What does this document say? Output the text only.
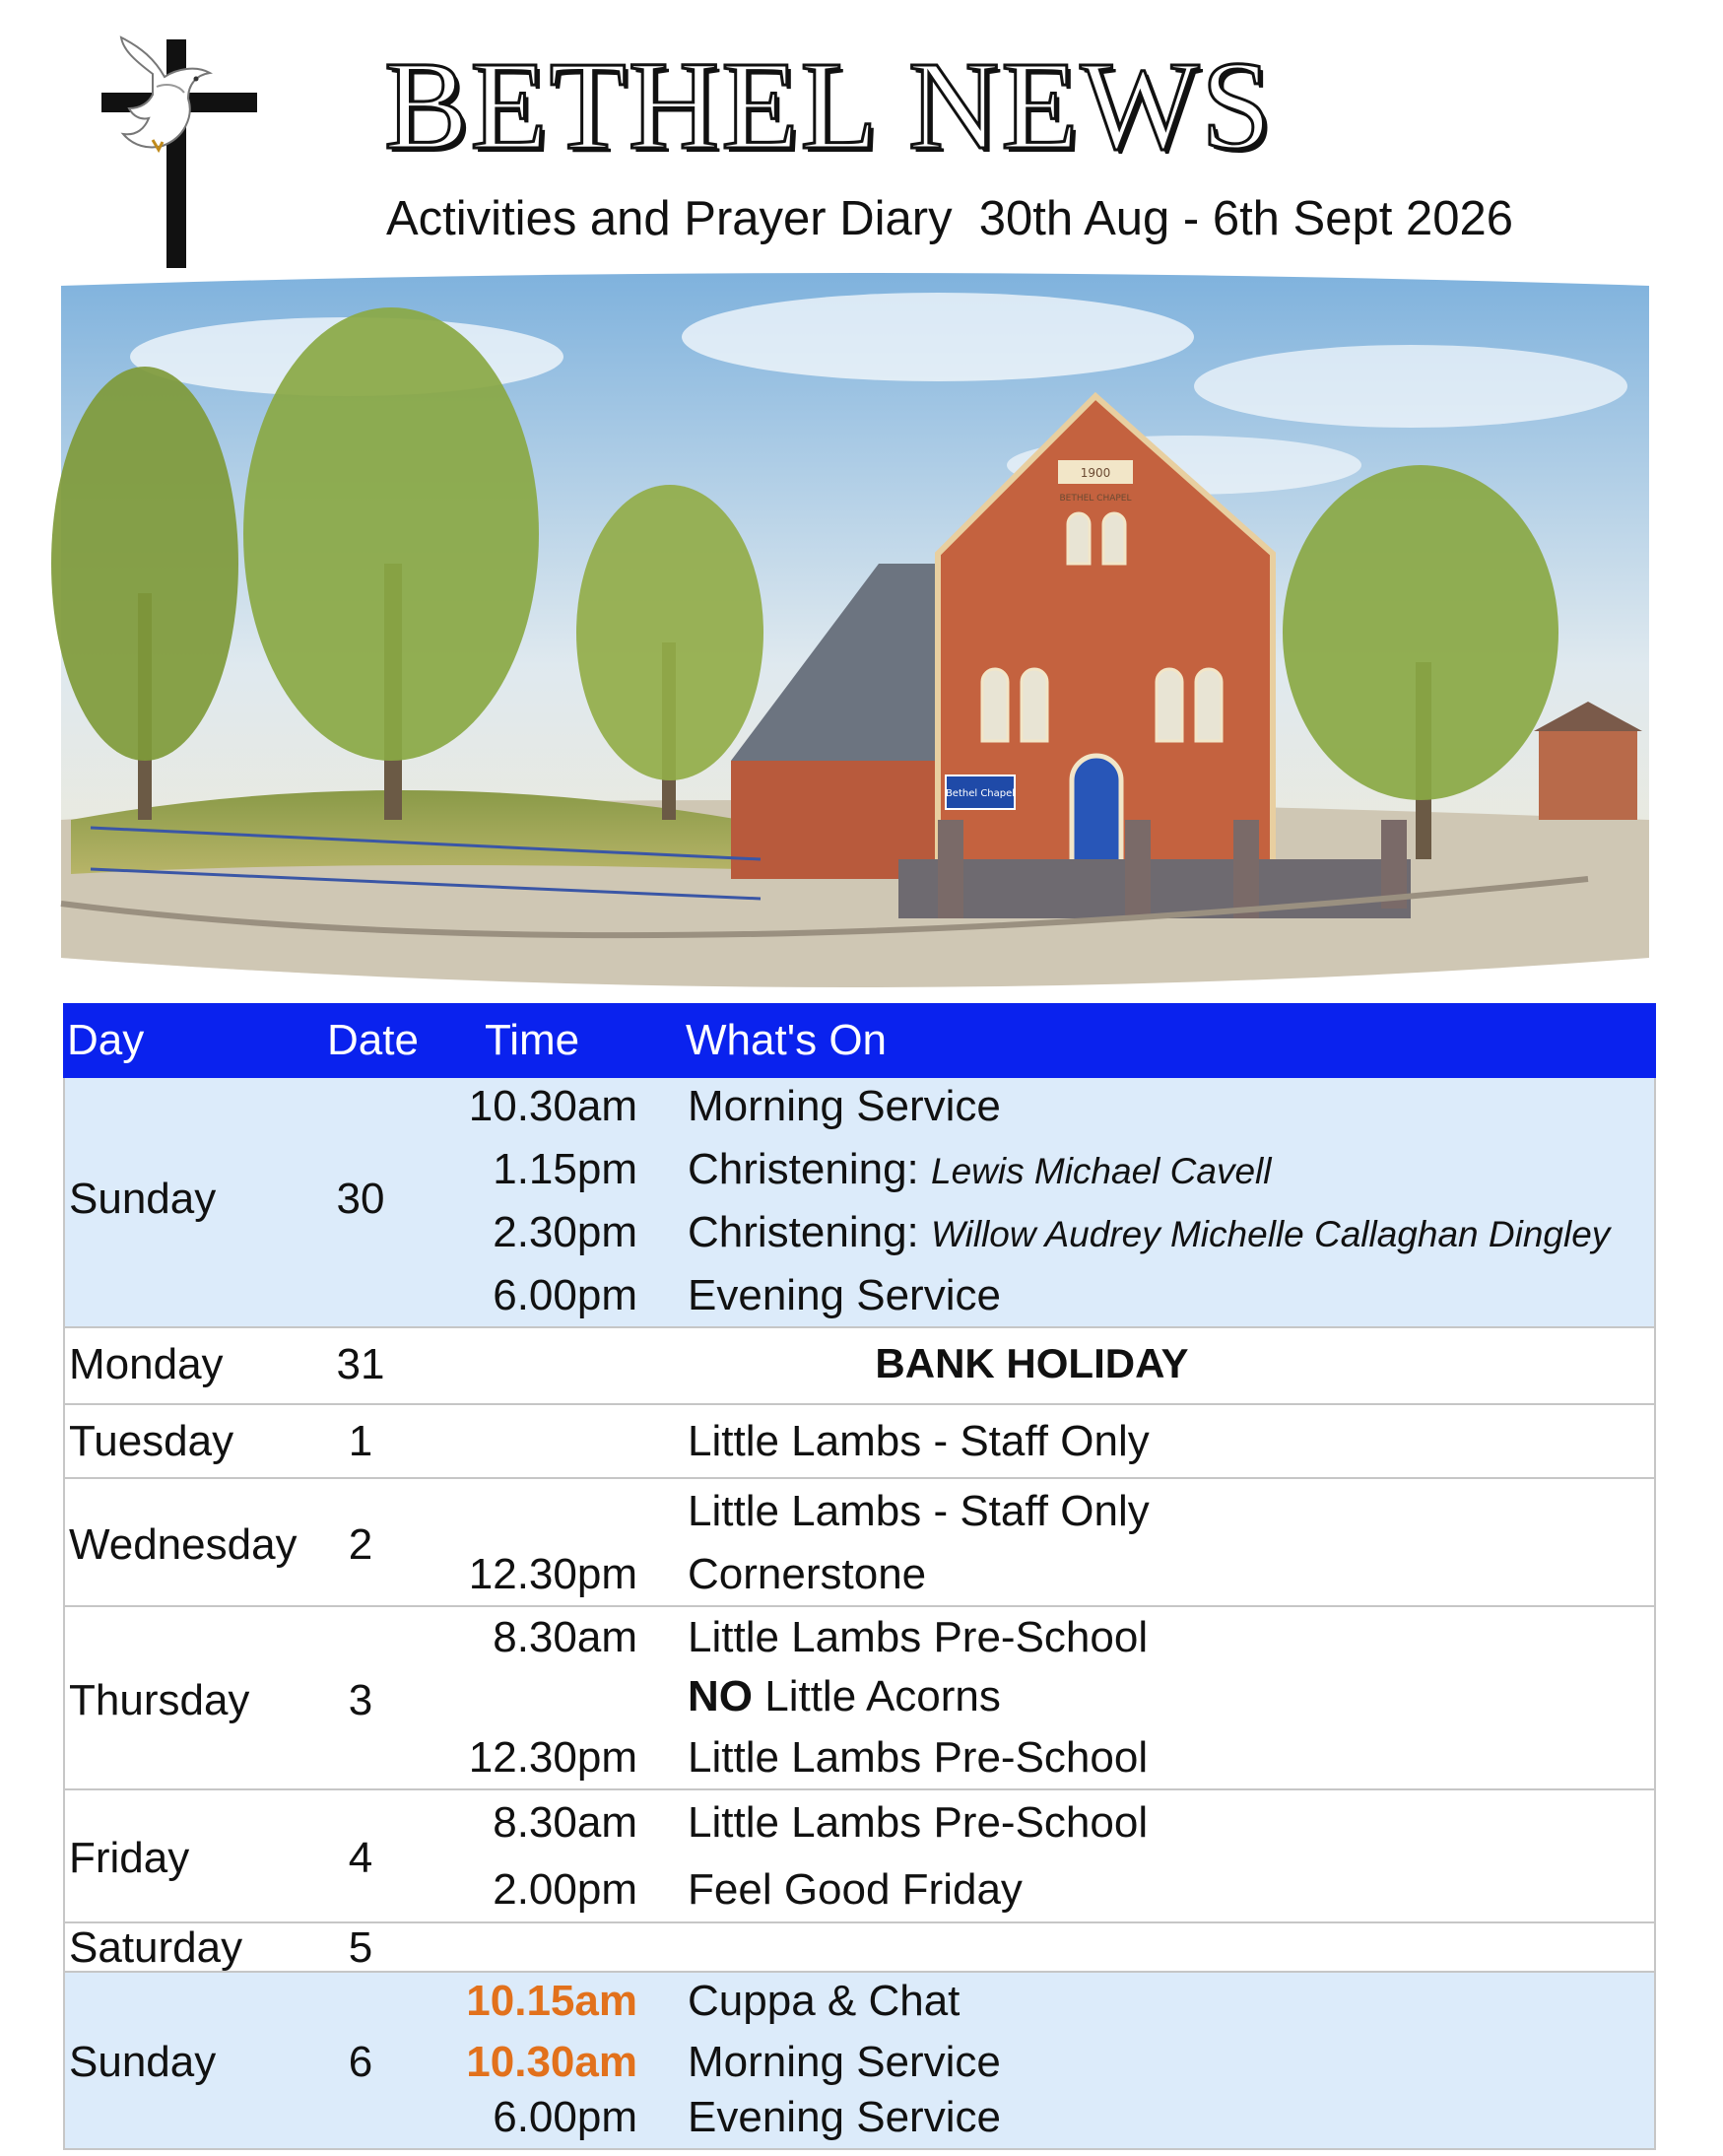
BETHEL NEWS
Activities and Prayer Diary  30th Aug - 6th Sept 2026
1900
BETHEL CHAPEL
Bethel Chapel
Day	Date Time What's On
Sunday	30
10.30am Morning Service
1.15pm Christening: Lewis Michael Cavell
2.30pm Christening: Willow Audrey Michelle Callaghan Dingley
6.00pm Evening Service
Monday	31	BANK HOLIDAY
Tuesday	1	Little Lambs - Staff Only
Wednesday	2
Little Lambs - Staff Only
12.30pm Cornerstone
Thursday	3
8.30am Little Lambs Pre-School
NO Little Acorns
12.30pm Little Lambs Pre-School
Friday	4
8.30am Little Lambs Pre-School
2.00pm Feel Good Friday
Saturday	5
Sunday	6
10.15am Cuppa & Chat
10.30am Morning Service
6.00pm Evening Service
